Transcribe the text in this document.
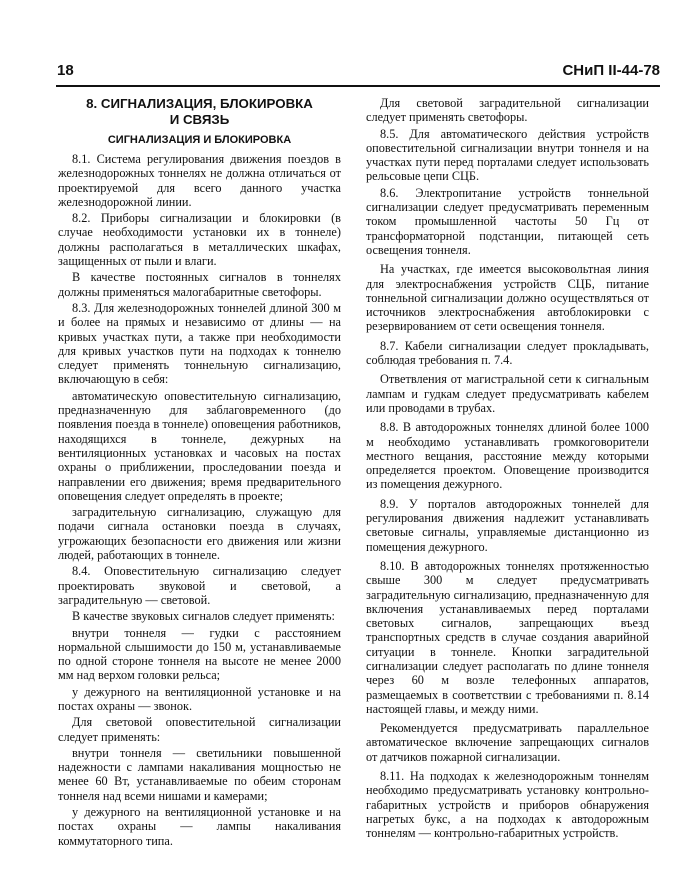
18	СНиП II-44-78
8. СИГНАЛИЗАЦИЯ, БЛОКИРОВКА
И СВЯЗЬ
СИГНАЛИЗАЦИЯ И БЛОКИРОВКА

8.1. Система регулирования движения поездов в железнодорожных тоннелях не должна отличаться от проектируемой для всего данного участка железнодорожной линии.

8.2. Приборы сигнализации и блокировки (в случае необходимости установки их в тоннеле) должны располагаться в металлических шкафах, защищенных от пыли и влаги.

В качестве постоянных сигналов в тоннелях должны применяться малогабаритные светофоры.

8.3. Для железнодорожных тоннелей длиной 300 м и более на прямых и независимо от длины — на кривых участках пути, а также при необходимости для кривых участков пути на подходах к тоннелю следует применять тоннельную сигнализацию, включающую в себя:

автоматическую оповестительную сигнализацию, предназначенную для заблаговременного (до появления поезда в тоннеле) оповещения работников, находящихся в тоннеле, дежурных на вентиляционных установках и часовых на постах охраны о приближении, проследовании поезда и направлении его движения; время предварительного оповещения следует определять в проекте;

заградительную сигнализацию, служащую для подачи сигнала остановки поезда в случаях, угрожающих безопасности его движения или жизни людей, работающих в тоннеле.

8.4. Оповестительную сигнализацию следует проектировать звуковой и световой, а заградительную — световой.

В качестве звуковых сигналов следует применять:

внутри тоннеля — гудки с расстоянием нормальной слышимости до 150 м, устанавливаемые по одной стороне тоннеля на высоте не менее 2000 мм над верхом головки рельса;

у дежурного на вентиляционной установке и на постах охраны — звонок.

Для световой оповестительной сигнализации следует применять:

внутри тоннеля — светильники повышенной надежности с лампами накаливания мощностью не менее 60 Вт, устанавливаемые по обеим сторонам тоннеля над всеми нишами и камерами;

у дежурного на вентиляционной установке и на постах охраны — лампы накаливания коммутаторного типа.

Для световой заградительной сигнализации следует применять светофоры.

8.5. Для автоматического действия устройств оповестительной сигнализации внутри тоннеля и на участках пути перед порталами следует использовать рельсовые цепи СЦБ.

8.6. Электропитание устройств тоннельной сигнализации следует предусматривать переменным током промышленной частоты 50 Гц от трансформаторной подстанции, питающей сеть освещения тоннеля.

На участках, где имеется высоковольтная линия для электроснабжения устройств СЦБ, питание тоннельной сигнализации должно осуществляться от источников электроснабжения автоблокировки с резервированием от сети освещения тоннеля.

8.7. Кабели сигнализации следует прокладывать, соблюдая требования п. 7.4.

Ответвления от магистральной сети к сигнальным лампам и гудкам следует предусматривать кабелем или проводами в трубах.

8.8. В автодорожных тоннелях длиной более 1000 м необходимо устанавливать громкоговорители местного вещания, расстояние между которыми определяется проектом. Оповещение производится из помещения дежурного.

8.9. У порталов автодорожных тоннелей для регулирования движения надлежит устанавливать световые сигналы, управляемые дистанционно из помещения дежурного.

8.10. В автодорожных тоннелях протяженностью свыше 300 м следует предусматривать заградительную сигнализацию, предназначенную для включения устанавливаемых перед порталами световых сигналов, запрещающих въезд транспортных средств в случае создания аварийной ситуации в тоннеле. Кнопки заградительной сигнализации следует располагать по длине тоннеля через 60 м возле телефонных аппаратов, размещаемых в соответствии с требованиями п. 8.14 настоящей главы, и между ними.

Рекомендуется предусматривать параллельное автоматическое включение запрещающих сигналов от датчиков пожарной сигнализации.

8.11. На подходах к железнодорожным тоннелям необходимо предусматривать установку контрольно-габаритных устройств и приборов обнаружения нагретых букс, а на подходах к автодорожным тоннелям — контрольно-габаритных устройств.
